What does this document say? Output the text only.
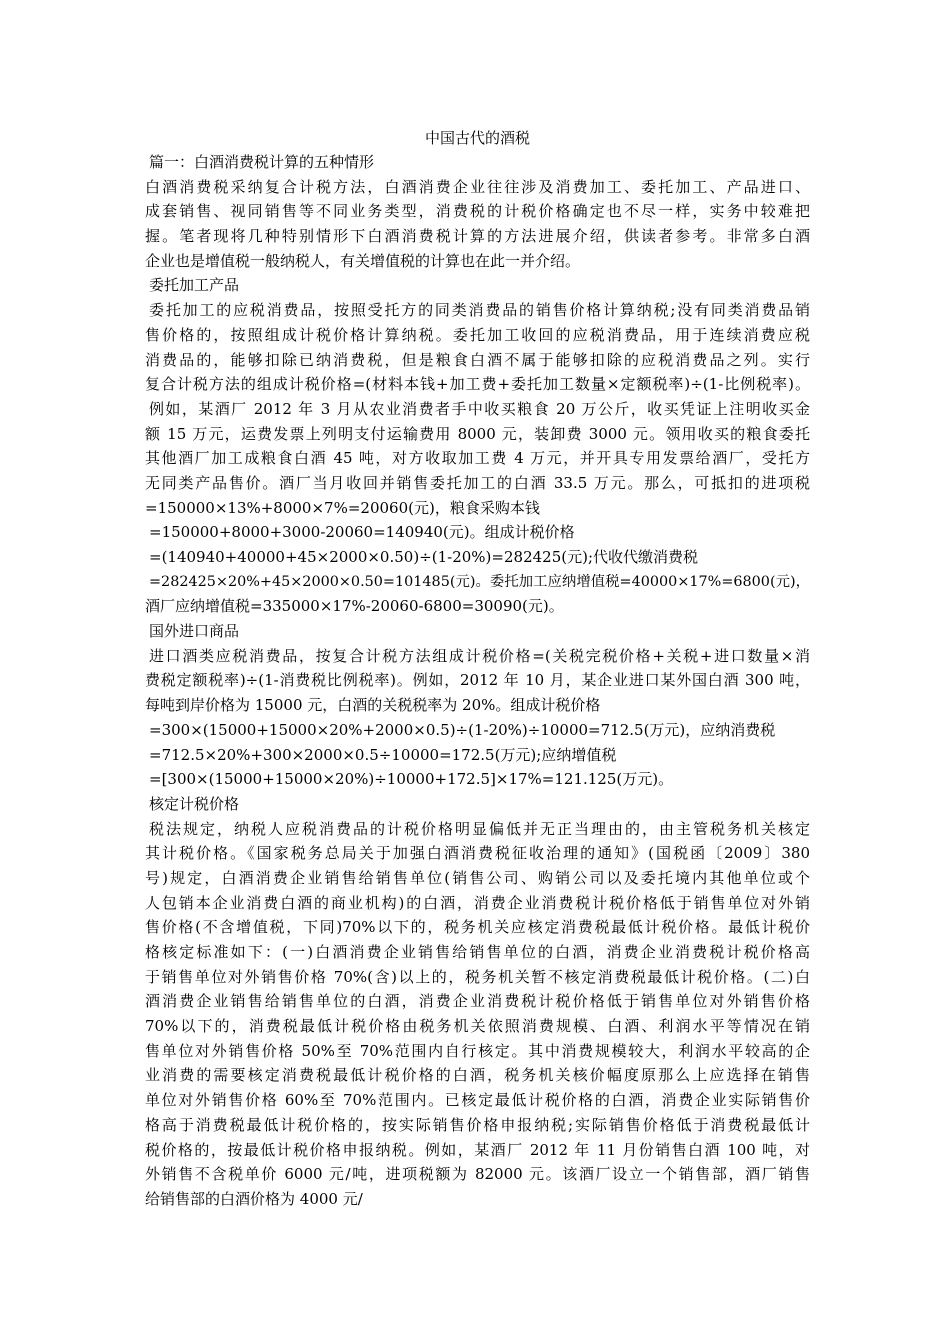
中国古代的酒税
篇一：白酒消费税计算的五种情形
白酒消费税采纳复合计税方法，白酒消费企业往往涉及消费加工、委托加工、产品进口、
成套销售、视同销售等不同业务类型，消费税的计税价格确定也不尽一样，实务中较难把
握。笔者现将几种特别情形下白酒消费税计算的方法进展介绍，供读者参考。非常多白酒
企业也是增值税一般纳税人，有关增值税的计算也在此一并介绍。
委托加工产品
委托加工的应税消费品，按照受托方的同类消费品的销售价格计算纳税;没有同类消费品销
售价格的，按照组成计税价格计算纳税。委托加工收回的应税消费品，用于连续消费应税
消费品的，能够扣除已纳消费税，但是粮食白酒不属于能够扣除的应税消费品之列。实行
复合计税方法的组成计税价格=(材料本钱+加工费+委托加工数量×定额税率)÷(1-比例税率)。
例如，某酒厂 2012 年 3 月从农业消费者手中收买粮食 20 万公斤，收买凭证上注明收买金
额 15 万元，运费发票上列明支付运输费用 8000 元，装卸费 3000 元。领用收买的粮食委托
其他酒厂加工成粮食白酒 45 吨，对方收取加工费 4 万元，并开具专用发票给酒厂，受托方
无同类产品售价。酒厂当月收回并销售委托加工的白酒 33.5 万元。那么，可抵扣的进项税
=150000×13%+8000×7%=20060(元)，粮食采购本钱
=150000+8000+3000-20060=140940(元)。组成计税价格
=(140940+40000+45×2000×0.50)÷(1-20%)=282425(元);代收代缴消费税
=282425×20%+45×2000×0.50=101485(元)。委托加工应纳增值税=40000×17%=6800(元)，
酒厂应纳增值税=335000×17%-20060-6800=30090(元)。
国外进口商品
进口酒类应税消费品，按复合计税方法组成计税价格=(关税完税价格+关税+进口数量×消
费税定额税率)÷(1-消费税比例税率)。例如，2012 年 10 月，某企业进口某外国白酒 300 吨，
每吨到岸价格为 15000 元，白酒的关税税率为 20%。组成计税价格
=300×(15000+15000×20%+2000×0.5)÷(1-20%)÷10000=712.5(万元)，应纳消费税
=712.5×20%+300×2000×0.5÷10000=172.5(万元);应纳增值税
=[300×(15000+15000×20%)÷10000+172.5]×17%=121.125(万元)。
核定计税价格
税法规定，纳税人应税消费品的计税价格明显偏低并无正当理由的，由主管税务机关核定
其计税价格。《国家税务总局关于加强白酒消费税征收治理的通知》(国税函〔2009〕380
号)规定，白酒消费企业销售给销售单位(销售公司、购销公司以及委托境内其他单位或个
人包销本企业消费白酒的商业机构)的白酒，消费企业消费税计税价格低于销售单位对外销
售价格(不含增值税，下同)70%以下的，税务机关应核定消费税最低计税价格。最低计税价
格核定标准如下：(一)白酒消费企业销售给销售单位的白酒，消费企业消费税计税价格高
于销售单位对外销售价格 70%(含)以上的，税务机关暂不核定消费税最低计税价格。(二)白
酒消费企业销售给销售单位的白酒，消费企业消费税计税价格低于销售单位对外销售价格
70%以下的，消费税最低计税价格由税务机关依照消费规模、白酒、利润水平等情况在销
售单位对外销售价格 50%至 70%范围内自行核定。其中消费规模较大，利润水平较高的企
业消费的需要核定消费税最低计税价格的白酒，税务机关核价幅度原那么上应选择在销售
单位对外销售价格 60%至 70%范围内。已核定最低计税价格的白酒，消费企业实际销售价
格高于消费税最低计税价格的，按实际销售价格申报纳税;实际销售价格低于消费税最低计
税价格的，按最低计税价格申报纳税。例如，某酒厂 2012 年 11 月份销售白酒 100 吨，对
外销售不含税单价 6000 元/吨，进项税额为 82000 元。该酒厂设立一个销售部，酒厂销售
给销售部的白酒价格为 4000 元/
